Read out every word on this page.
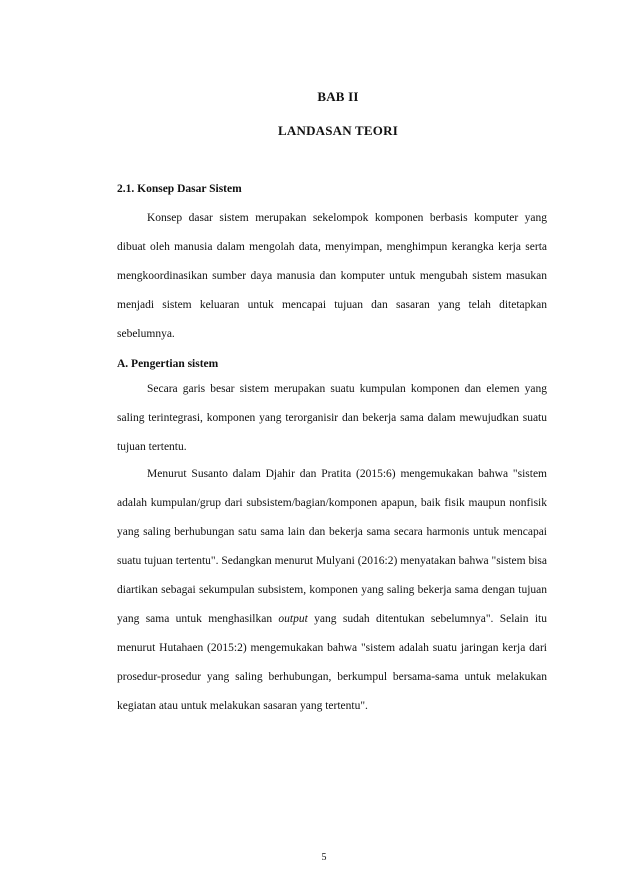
BAB II
LANDASAN TEORI
2.1. Konsep Dasar Sistem

Konsep dasar sistem merupakan sekelompok komponen berbasis komputer yang dibuat oleh manusia dalam mengolah data, menyimpan, menghimpun kerangka kerja serta mengkoordinasikan sumber daya manusia dan komputer untuk mengubah sistem masukan menjadi sistem keluaran untuk mencapai tujuan dan sasaran yang telah ditetapkan sebelumnya.

A. Pengertian sistem

Secara garis besar sistem merupakan suatu kumpulan komponen dan elemen yang saling terintegrasi, komponen yang terorganisir dan bekerja sama dalam mewujudkan suatu tujuan tertentu.

Menurut Susanto dalam Djahir dan Pratita (2015:6) mengemukakan bahwa "sistem adalah kumpulan/grup dari subsistem/bagian/komponen apapun, baik fisik maupun nonfisik yang saling berhubungan satu sama lain dan bekerja sama secara harmonis untuk mencapai suatu tujuan tertentu". Sedangkan menurut Mulyani (2016:2) menyatakan bahwa "sistem bisa diartikan sebagai sekumpulan subsistem, komponen yang saling bekerja sama dengan tujuan yang sama untuk menghasilkan output yang sudah ditentukan sebelumnya". Selain itu menurut Hutahaen (2015:2) mengemukakan bahwa "sistem adalah suatu jaringan kerja dari prosedur-prosedur yang saling berhubungan, berkumpul bersama-sama untuk melakukan kegiatan atau untuk melakukan sasaran yang tertentu".

5
